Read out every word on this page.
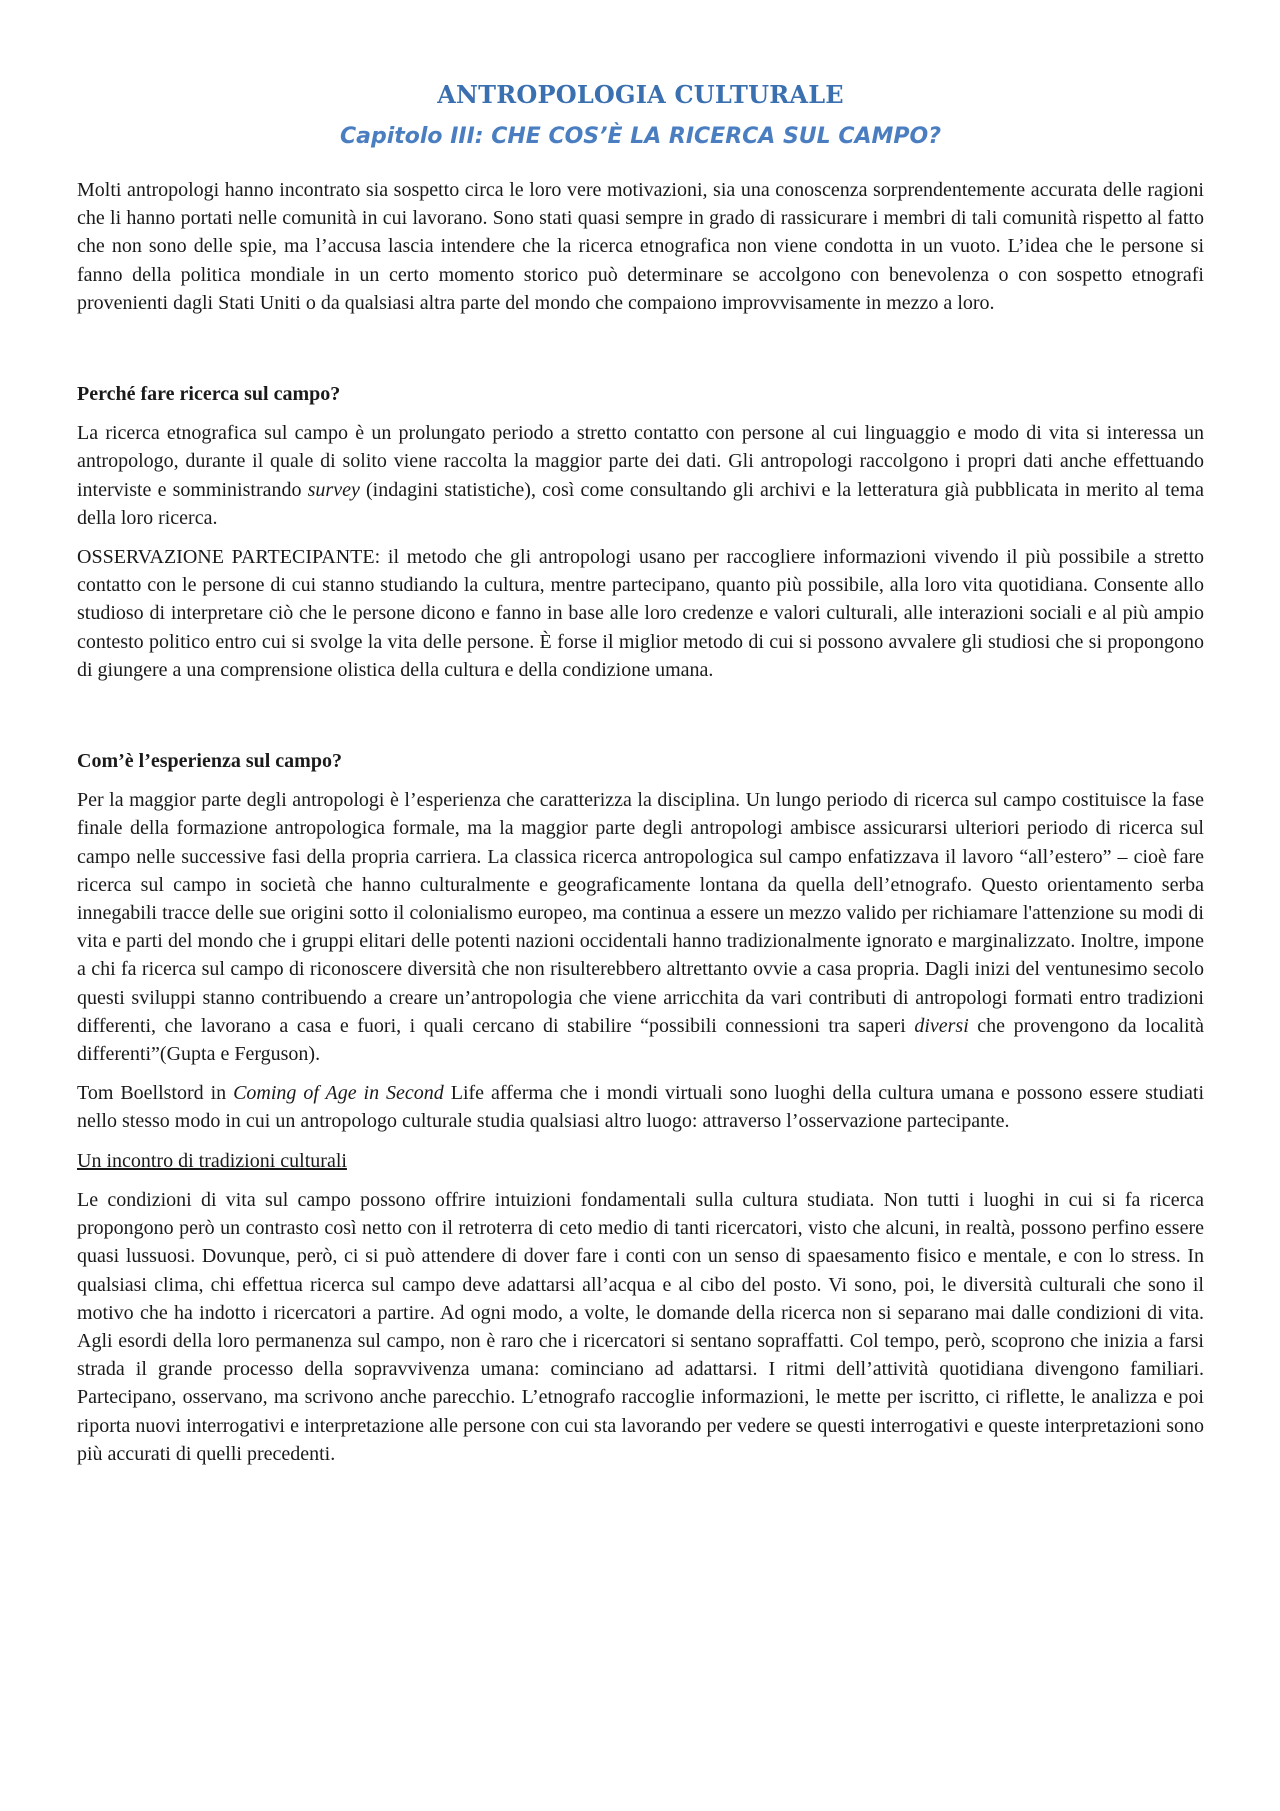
ANTROPOLOGIA CULTURALE
Capitolo III: CHE COS’È LA RICERCA SUL CAMPO?

Molti antropologi hanno incontrato sia sospetto circa le loro vere motivazioni, sia una conoscenza sorprendentemente accurata delle ragioni che li hanno portati nelle comunità in cui lavorano. Sono stati quasi sempre in grado di rassicurare i membri di tali comunità rispetto al fatto che non sono delle spie, ma l’accusa lascia intendere che la ricerca etnografica non viene condotta in un vuoto. L’idea che le persone si fanno della politica mondiale in un certo momento storico può determinare se accolgono con benevolenza o con sospetto etnografi provenienti dagli Stati Uniti o da qualsiasi altra parte del mondo che compaiono improvvisamente in mezzo a loro.

Perché fare ricerca sul campo?

La ricerca etnografica sul campo è un prolungato periodo a stretto contatto con persone al cui linguaggio e modo di vita si interessa un antropologo, durante il quale di solito viene raccolta la maggior parte dei dati. Gli antropologi raccolgono i propri dati anche effettuando interviste e somministrando survey (indagini statistiche), così come consultando gli archivi e la letteratura già pubblicata in merito al tema della loro ricerca.

OSSERVAZIONE PARTECIPANTE: il metodo che gli antropologi usano per raccogliere informazioni vivendo il più possibile a stretto contatto con le persone di cui stanno studiando la cultura, mentre partecipano, quanto più possibile, alla loro vita quotidiana. Consente allo studioso di interpretare ciò che le persone dicono e fanno in base alle loro credenze e valori culturali, alle interazioni sociali e al più ampio contesto politico entro cui si svolge la vita delle persone. È forse il miglior metodo di cui si possono avvalere gli studiosi che si propongono di giungere a una comprensione olistica della cultura e della condizione umana.

Com’è l’esperienza sul campo?

Per la maggior parte degli antropologi è l’esperienza che caratterizza la disciplina. Un lungo periodo di ricerca sul campo costituisce la fase finale della formazione antropologica formale, ma la maggior parte degli antropologi ambisce assicurarsi ulteriori periodo di ricerca sul campo nelle successive fasi della propria carriera. La classica ricerca antropologica sul campo enfatizzava il lavoro “all’estero” – cioè fare ricerca sul campo in società che hanno culturalmente e geograficamente lontana da quella dell’etnografo. Questo orientamento serba innegabili tracce delle sue origini sotto il colonialismo europeo, ma continua a essere un mezzo valido per richiamare l'attenzione su modi di vita e parti del mondo che i gruppi elitari delle potenti nazioni occidentali hanno tradizionalmente ignorato e marginalizzato. Inoltre, impone a chi fa ricerca sul campo di riconoscere diversità che non risulterebbero altrettanto ovvie a casa propria. Dagli inizi del ventunesimo secolo questi sviluppi stanno contribuendo a creare un’antropologia che viene arricchita da vari contributi di antropologi formati entro tradizioni differenti, che lavorano a casa e fuori, i quali cercano di stabilire “possibili connessioni tra saperi diversi che provengono da località differenti”(Gupta e Ferguson).

Tom Boellstord in Coming of Age in Second Life afferma che i mondi virtuali sono luoghi della cultura umana e possono essere studiati nello stesso modo in cui un antropologo culturale studia qualsiasi altro luogo: attraverso l’osservazione partecipante.

Un incontro di tradizioni culturali

Le condizioni di vita sul campo possono offrire intuizioni fondamentali sulla cultura studiata. Non tutti i luoghi in cui si fa ricerca propongono però un contrasto così netto con il retroterra di ceto medio di tanti ricercatori, visto che alcuni, in realtà, possono perfino essere quasi lussuosi. Dovunque, però, ci si può attendere di dover fare i conti con un senso di spaesamento fisico e mentale, e con lo stress. In qualsiasi clima, chi effettua ricerca sul campo deve adattarsi all’acqua e al cibo del posto. Vi sono, poi, le diversità culturali che sono il motivo che ha indotto i ricercatori a partire. Ad ogni modo, a volte, le domande della ricerca non si separano mai dalle condizioni di vita. Agli esordi della loro permanenza sul campo, non è raro che i ricercatori si sentano sopraffatti. Col tempo, però, scoprono che inizia a farsi strada il grande processo della sopravvivenza umana: cominciano ad adattarsi. I ritmi dell’attività quotidiana divengono familiari. Partecipano, osservano, ma scrivono anche parecchio. L’etnografo raccoglie informazioni, le mette per iscritto, ci riflette, le analizza e poi riporta nuovi interrogativi e interpretazione alle persone con cui sta lavorando per vedere se questi interrogativi e queste interpretazioni sono più accurati di quelli precedenti.
